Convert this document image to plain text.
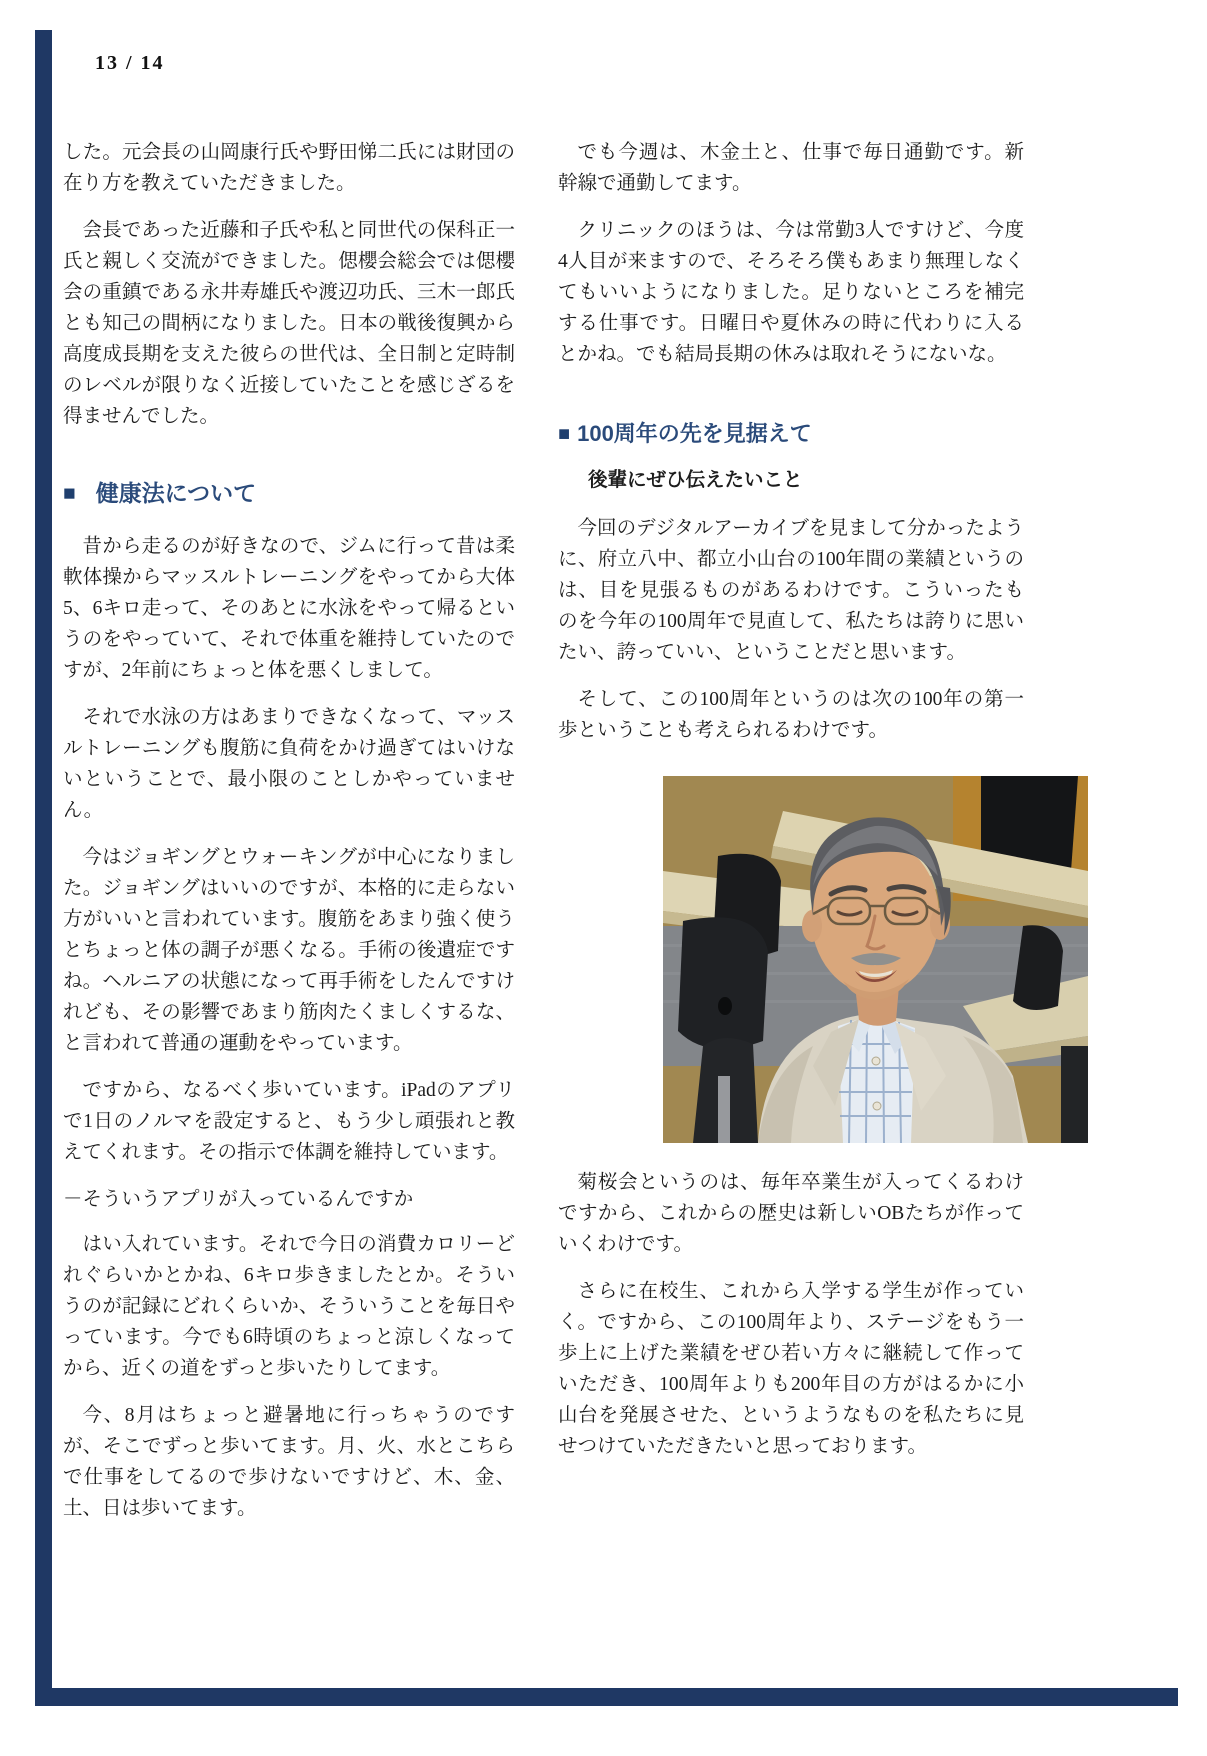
13 / 14

した。元会長の山岡康行氏や野田悌二氏には財団の在り方を教えていただきました。

会長であった近藤和子氏や私と同世代の保科正一氏と親しく交流ができました。偲櫻会総会では偲櫻会の重鎮である永井寿雄氏や渡辺功氏、三木一郎氏とも知己の間柄になりました。日本の戦後復興から高度成長期を支えた彼らの世代は、全日制と定時制のレベルが限りなく近接していたことを感じざるを得ませんでした。

■ 健康法について

昔から走るのが好きなので、ジムに行って昔は柔軟体操からマッスルトレーニングをやってから大体5、6キロ走って、そのあとに水泳をやって帰るというのをやっていて、それで体重を維持していたのですが、2年前にちょっと体を悪くしまして。

それで水泳の方はあまりできなくなって、マッスルトレーニングも腹筋に負荷をかけ過ぎてはいけないということで、最小限のことしかやっていません。

今はジョギングとウォーキングが中心になりました。ジョギングはいいのですが、本格的に走らない方がいいと言われています。腹筋をあまり強く使うとちょっと体の調子が悪くなる。手術の後遺症ですね。ヘルニアの状態になって再手術をしたんですけれども、その影響であまり筋肉たくましくするな、と言われて普通の運動をやっています。

ですから、なるべく歩いています。iPadのアプリで1日のノルマを設定すると、もう少し頑張れと教えてくれます。その指示で体調を維持しています。

－そういうアプリが入っているんですか

はい入れています。それで今日の消費カロリーどれぐらいかとかね、6キロ歩きましたとか。そういうのが記録にどれくらいか、そういうことを毎日やっています。今でも6時頃のちょっと涼しくなってから、近くの道をずっと歩いたりしてます。

今、8月はちょっと避暑地に行っちゃうのですが、そこでずっと歩いてます。月、火、水とこちらで仕事をしてるので歩けないですけど、木、金、土、日は歩いてます。

でも今週は、木金土と、仕事で毎日通勤です。新幹線で通勤してます。

クリニックのほうは、今は常勤3人ですけど、今度4人目が来ますので、そろそろ僕もあまり無理しなくてもいいようになりました。足りないところを補完する仕事です。日曜日や夏休みの時に代わりに入るとかね。でも結局長期の休みは取れそうにないな。

■ 100周年の先を見据えて
後輩にぜひ伝えたいこと

今回のデジタルアーカイブを見まして分かったように、府立八中、都立小山台の100年間の業績というのは、目を見張るものがあるわけです。こういったものを今年の100周年で見直して、私たちは誇りに思いたい、誇っていい、ということだと思います。

そして、この100周年というのは次の100年の第一歩ということも考えられるわけです。

菊桜会というのは、毎年卒業生が入ってくるわけですから、これからの歴史は新しいOBたちが作っていくわけです。

さらに在校生、これから入学する学生が作っていく。ですから、この100周年より、ステージをもう一歩上に上げた業績をぜひ若い方々に継続して作っていただき、100周年よりも200年目の方がはるかに小山台を発展させた、というようなものを私たちに見せつけていただきたいと思っております。
